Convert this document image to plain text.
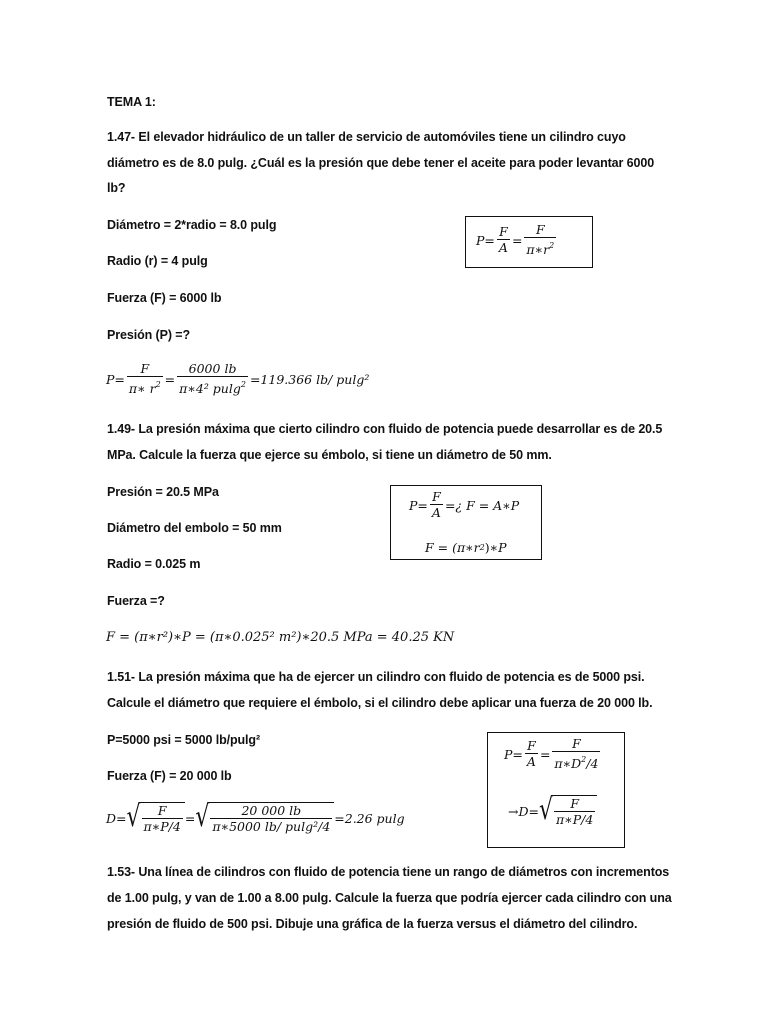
TEMA 1:
1.47- El elevador hidráulico de un taller de servicio de automóviles tiene un cilindro cuyo
diámetro es de 8.0 pulg. ¿Cuál es la presión que debe tener el aceite para poder levantar 6000
lb?
Diámetro = 2*radio = 8.0 pulg
Radio (r) = 4 pulg
Fuerza (F) = 6000 lb
Presión (P) =?
$P = \frac{F}{A} = \frac{F}{\pi∗r^2}$
$P = \frac{F}{\pi∗ r^2} = \frac{6000 lb}{\pi∗4^2 pulg^2} =119.366$ lb/ pulg²
1.49- La presión máxima que cierto cilindro con fluido de potencia puede desarrollar es de 20.5
MPa. Calcule la fuerza que ejerce su émbolo, si tiene un diámetro de 50 mm.
Presión = 20.5 MPa
Diámetro del embolo = 50 mm
Radio = 0.025 m
Fuerza =?
$P = \frac{F}{A}$ =¿ F = A∗P
F = (π∗r 2 )∗ P
F = (π∗r²)∗P = (π∗0.025² m²)∗20.5 MPa = 40.25 KN
1.51- La presión máxima que ha de ejercer un cilindro con fluido de potencia es de 5000 psi.
Calcule el diámetro que requiere el émbolo, si el cilindro debe aplicar una fuerza de 20 000 lb.
P=5000 psi = 5000 lb/pulg²
Fuerza (F) = 20 000 lb
$P = \frac{F}{A} = \frac{F}{\pi∗D^2/4}$
→ D = √ $\frac{F}{\pi∗P/4}$
D = √ $\frac{F}{\pi∗P/4}$ = √ $\frac{20 000 lb}{\text{π∗5000 lb/ pulg²/4}} =2.26$ pulg
1.53- Una línea de cilindros con fluido de potencia tiene un rango de diámetros con incrementos
de 1.00 pulg, y van de 1.00 a 8.00 pulg. Calcule la fuerza que podría ejercer cada cilindro con una
presión de fluido de 500 psi. Dibuje una gráfica de la fuerza versus el diámetro del cilindro.
